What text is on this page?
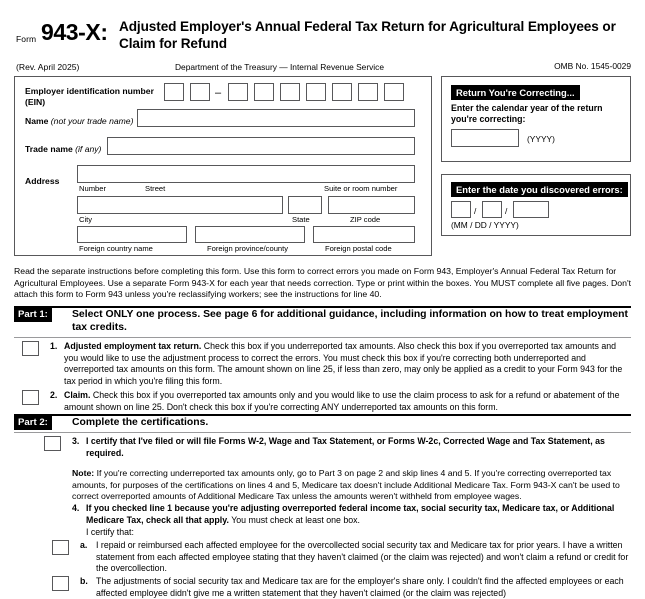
Form 943-X: Adjusted Employer's Annual Federal Tax Return for Agricultural Employees or Claim for Refund
(Rev. April 2025)	Department of the Treasury — Internal Revenue Service	OMB No. 1545-0029
Employer identification number
(EIN)
–
Name (not your trade name)
Trade name (if any)
Address
Number	Street	Suite or room number
City	State	ZIP code
Foreign country name	Foreign province/county	Foreign postal code
Return You're Correcting...
Enter the calendar year of the return
you're correcting:
(YYYY)
Enter the date you discovered errors:
/	/
(MM / DD / YYYY)
Read the separate instructions before completing this form. Use this form to correct errors you made on Form 943, Employer's Annual Federal Tax Return for Agricultural Employees. Use a separate Form 943-X for each year that needs correction. Type or print within the boxes. You MUST complete all five pages. Don't attach this form to Form 943 unless you're reclassifying workers; see the instructions for line 40.
Part 1:	Select ONLY one process. See page 6 for additional guidance, including information on how to treat employment tax credits.
1. Adjusted employment tax return. Check this box if you underreported tax amounts. Also check this box if you overreported tax amounts and you would like to use the adjustment process to correct the errors. You must check this box if you're correcting both underreported and overreported tax amounts on this form. The amount shown on line 25, if less than zero, may only be applied as a credit to your Form 943 for the tax period in which you're filing this form.
2. Claim. Check this box if you overreported tax amounts only and you would like to use the claim process to ask for a refund or abatement of the amount shown on line 25. Don't check this box if you're correcting ANY underreported tax amounts on this form.
Part 2:	Complete the certifications.
3. I certify that I've filed or will file Forms W-2, Wage and Tax Statement, or Forms W-2c, Corrected Wage and Tax Statement, as required.
Note: If you're correcting underreported tax amounts only, go to Part 3 on page 2 and skip lines 4 and 5. If you're correcting overreported tax amounts, for purposes of the certifications on lines 4 and 5, Medicare tax doesn't include Additional Medicare Tax. Form 943-X can't be used to correct overreported amounts of Additional Medicare Tax unless the amounts weren't withheld from employee wages.
4. If you checked line 1 because you're adjusting overreported federal income tax, social security tax, Medicare tax, or Additional Medicare Tax, check all that apply. You must check at least one box.
I certify that:
a. I repaid or reimbursed each affected employee for the overcollected social security tax and Medicare tax for prior years. I have a written statement from each affected employee stating that they haven't claimed (or the claim was rejected) and won't claim a refund or credit for the overcollection.
b. The adjustments of social security tax and Medicare tax are for the employer's share only. I couldn't find the affected employees or each affected employee didn't give me a written statement that they haven't claimed (or the claim was rejected)
